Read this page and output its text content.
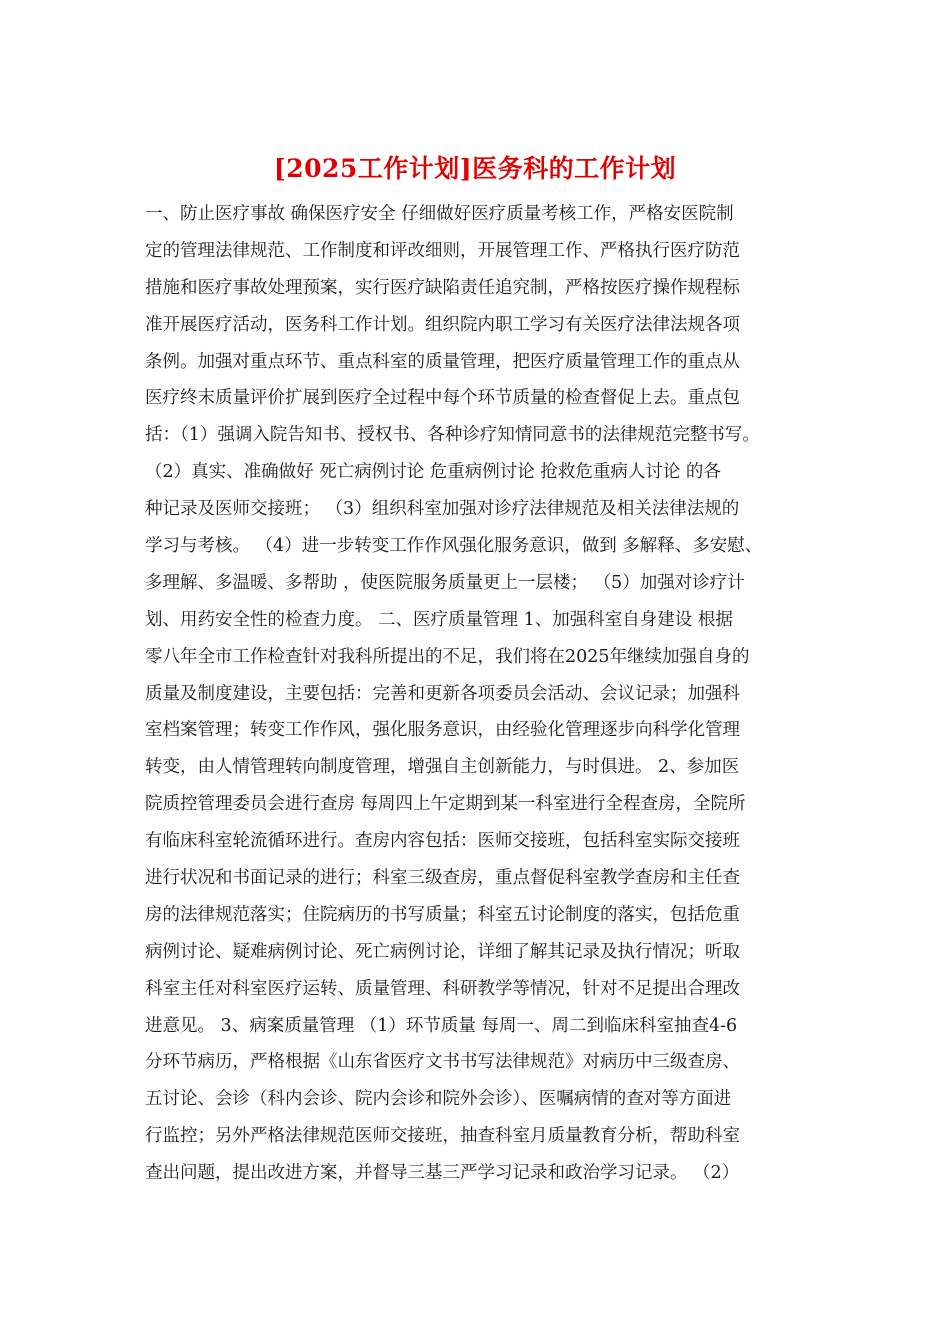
[2025工作计划]医务科的工作计划
一、防止医疗事故 确保医疗安全 仔细做好医疗质量考核工作，严格安医院制
定的管理法律规范、工作制度和评改细则，开展管理工作、严格执行医疗防范
措施和医疗事故处理预案，实行医疗缺陷责任追究制，严格按医疗操作规程标
准开展医疗活动，医务科工作计划。组织院内职工学习有关医疗法律法规各项
条例。加强对重点环节、重点科室的质量管理，把医疗质量管理工作的重点从
医疗终末质量评价扩展到医疗全过程中每个环节质量的检查督促上去。重点包
括：（1）强调入院告知书、授权书、各种诊疗知情同意书的法律规范完整书写。
（2）真实、准确做好 死亡病例讨论 危重病例讨论 抢救危重病人讨论 的各
种记录及医师交接班； （3）组织科室加强对诊疗法律规范及相关法律法规的
学习与考核。 （4）进一步转变工作作风强化服务意识，做到 多解释、多安慰、
多理解、多温暖、多帮助 ，使医院服务质量更上一层楼； （5）加强对诊疗计
划、用药安全性的检查力度。 二、医疗质量管理 1、加强科室自身建设 根据
零八年全市工作检查针对我科所提出的不足，我们将在2025年继续加强自身的
质量及制度建设，主要包括：完善和更新各项委员会活动、会议记录；加强科
室档案管理；转变工作作风，强化服务意识，由经验化管理逐步向科学化管理
转变，由人情管理转向制度管理，增强自主创新能力，与时俱进。 2、参加医
院质控管理委员会进行查房 每周四上午定期到某一科室进行全程查房，全院所
有临床科室轮流循环进行。查房内容包括：医师交接班，包括科室实际交接班
进行状况和书面记录的进行；科室三级查房，重点督促科室教学查房和主任查
房的法律规范落实；住院病历的书写质量；科室五讨论制度的落实，包括危重
病例讨论、疑难病例讨论、死亡病例讨论，详细了解其记录及执行情况；听取
科室主任对科室医疗运转、质量管理、科研教学等情况，针对不足提出合理改
进意见。 3、病案质量管理 （1）环节质量 每周一、周二到临床科室抽查4-6
分环节病历，严格根据《山东省医疗文书书写法律规范》对病历中三级查房、
五讨论、会诊（科内会诊、院内会诊和院外会诊）、医嘱病情的查对等方面进
行监控；另外严格法律规范医师交接班，抽查科室月质量教育分析，帮助科室
查出问题，提出改进方案，并督导三基三严学习记录和政治学习记录。 （2）
